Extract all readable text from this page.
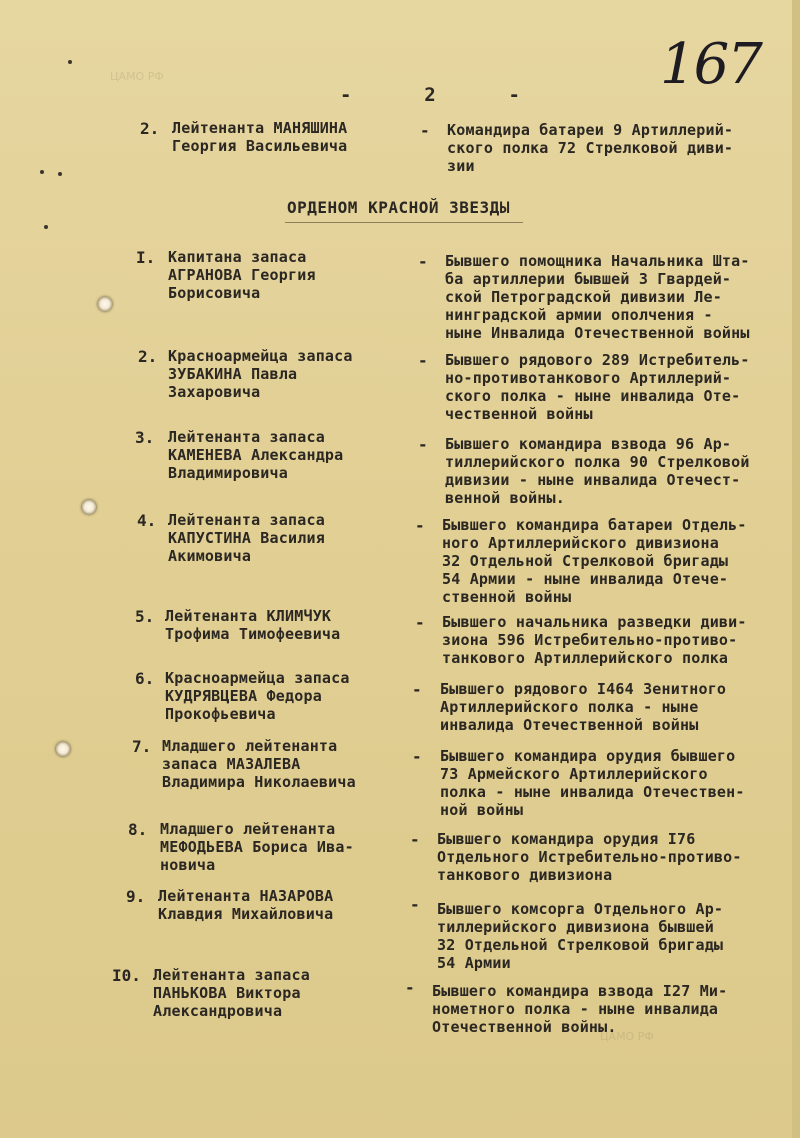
ЦАМО РФ
ЦАМО РФ
167
-	2	-
2. Лейтенанта МАНЯШИНА
Георгия Васильевича
- Командира батареи 9 Артиллерий-
ского полка 72 Стрелковой диви-
зии
ОРДЕНОМ КРАСНОЙ ЗВЕЗДЫ
I. Капитана запаса
АГРАНОВА Георгия
Борисовича
- Бывшего помощника Начальника Шта-
ба артиллерии бывшей 3 Гвардей-
ской Петроградской дивизии Ле-
нинградской армии ополчения -
ныне Инвалида Отечественной войны
2. Красноармейца запаса
ЗУБАКИНА Павла
Захаровича
- Бывшего рядового 289 Истребитель-
но-противотанкового Артиллерий-
ского полка - ныне инвалида Оте-
чественной войны
3. Лейтенанта запаса
КАМЕНЕВА Александра
Владимировича
- Бывшего командира взвода 96 Ар-
тиллерийского полка 90 Стрелковой
дивизии - ныне инвалида Отечест-
венной войны.
4. Лейтенанта запаса
КАПУСТИНА Василия
Акимовича
- Бывшего командира батареи Отдель-
ного Артиллерийского дивизиона
32 Отдельной Стрелковой бригады
54 Армии - ныне инвалида Отече-
ственной войны
5. Лейтенанта КЛИМЧУК
Трофима Тимофеевича
- Бывшего начальника разведки диви-
зиона 596 Истребительно-противо-
танкового Артиллерийского полка
6. Красноармейца запаса
КУДРЯВЦЕВА Федора
Прокофьевича
- Бывшего рядового I464 Зенитного
Артиллерийского полка - ныне
инвалида Отечественной войны
7. Младшего лейтенанта
запаса МАЗАЛЕВА
Владимира Николаевича
- Бывшего командира орудия бывшего
73 Армейского Артиллерийского
полка - ныне инвалида Отечествен-
ной войны
8. Младшего лейтенанта
МЕФОДЬЕВА Бориса Ива-
новича
- Бывшего командира орудия I76
Отдельного Истребительно-противо-
танкового дивизиона
9. Лейтенанта НАЗАРОВА
Клавдия Михайловича	- Бывшего комсорга Отдельного Ар-
тиллерийского дивизиона бывшей
32 Отдельной Стрелковой бригады
54 Армии
I0. Лейтенанта запаса
ПАНЬКОВА Виктора
Александровича
- Бывшего командира взвода I27 Ми-
нометного полка - ныне инвалида
Отечественной войны.
